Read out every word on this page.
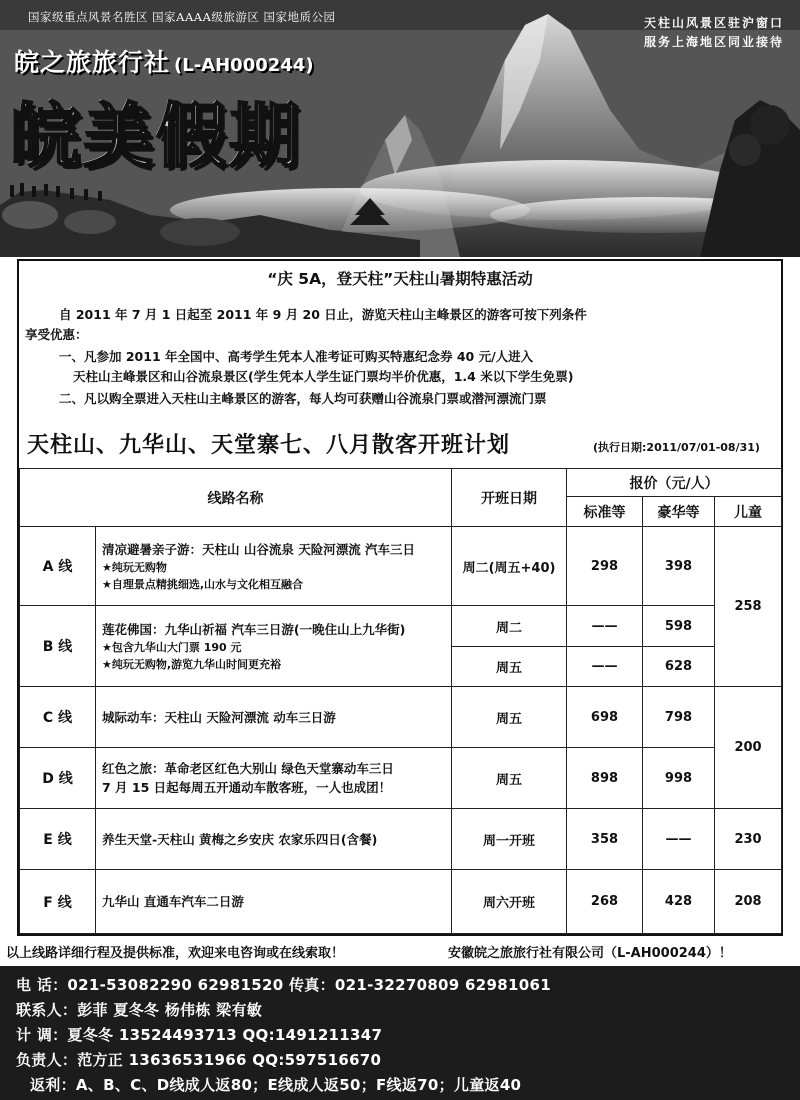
国家级重点风景名胜区 国家AAAA级旅游区 国家地质公园
皖之旅旅行社 (L-AH000244)
皖美假期
天柱山风景区驻沪窗口
服务上海地区同业接待
“庆 5A，登天柱”天柱山暑期特惠活动
自 2011 年 7 月 1 日起至 2011 年 9 月 20 日止，游览天柱山主峰景区的游客可按下列条件
享受优惠：
一、凡参加 2011 年全国中、高考学生凭本人准考证可购买特惠纪念券 40 元/人进入
天柱山主峰景区和山谷流泉景区(学生凭本人学生证门票均半价优惠，1.4 米以下学生免票)
二、凡以购全票进入天柱山主峰景区的游客，每人均可获赠山谷流泉门票或潜河漂流门票
天柱山、九华山、天堂寨七、八月散客开班计划	(执行日期:2011/07/01-08/31)
线路名称		开班日期	报价（元/人）		
			标准等	豪华等	儿童
A 线	清凉避暑亲子游：天柱山 山谷流泉 天险河漂流 汽车三日
★纯玩无购物
★自理景点精挑细选,山水与文化相互融合	周二(周五+40)	298	398	258
B 线	莲花佛国：九华山祈福 汽车三日游(一晚住山上九华街)
★包含九华山大门票 190 元
★纯玩无购物,游览九华山时间更充裕	周二	——	598	
		周五	——	628	
C 线	城际动车：天柱山 天险河漂流 动车三日游	周五	698	798	200
D 线	红色之旅：革命老区红色大别山 绿色天堂寨动车三日
7 月 15 日起每周五开通动车散客班，一人也成团！	周五	898	998	
E 线	养生天堂-天柱山 黄梅之乡安庆 农家乐四日(含餐)	周一开班	358	——	230
F 线	九华山 直通车汽车二日游	周六开班	268	428	208
以上线路详细行程及提供标准，欢迎来电咨询或在线索取！	安徽皖之旅旅行社有限公司（L-AH000244）！
电 话：021-53082290 62981520 传真：021-32270809 62981061
联系人：彭菲 夏冬冬 杨伟栋 梁有敏
计 调：夏冬冬 13524493713 QQ:1491211347
负责人：范方正 13636531966 QQ:597516670
返利：A、B、C、D线成人返80；E线成人返50；F线返70；儿童返40
